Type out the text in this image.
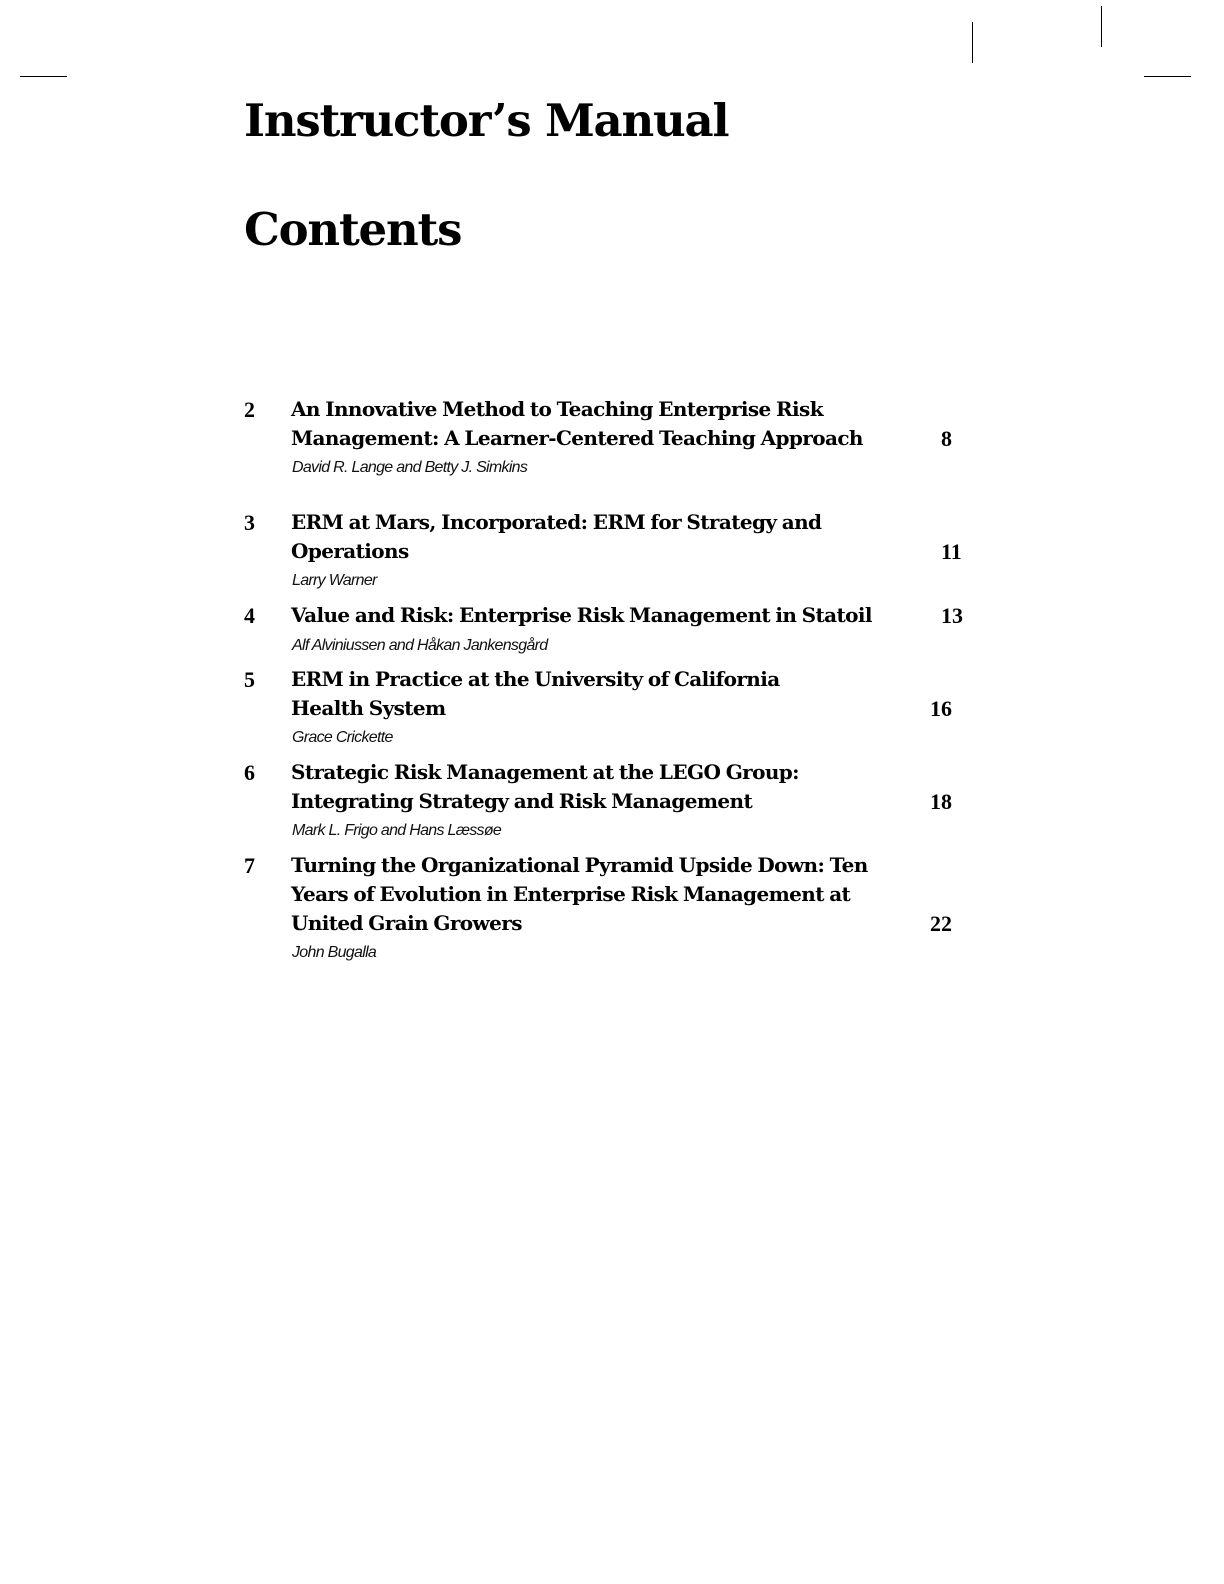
Instructor’s Manual
Contents
2 An Innovative Method to Teaching Enterprise Risk
Management: A Learner-Centered Teaching Approach	8
David R. Lange and Betty J. Simkins
3 ERM at Mars, Incorporated: ERM for Strategy and
Operations	11
Larry Warner
4 Value and Risk: Enterprise Risk Management in Statoil	13
Alf Alviniussen and Håkan Jankensgård
5 ERM in Practice at the University of California
Health System	16
Grace Crickette
6 Strategic Risk Management at the LEGO Group:
Integrating Strategy and Risk Management	18
Mark L. Frigo and Hans Læssøe
7 Turning the Organizational Pyramid Upside Down: Ten
Years of Evolution in Enterprise Risk Management at
United Grain Growers	22
John Bugalla
